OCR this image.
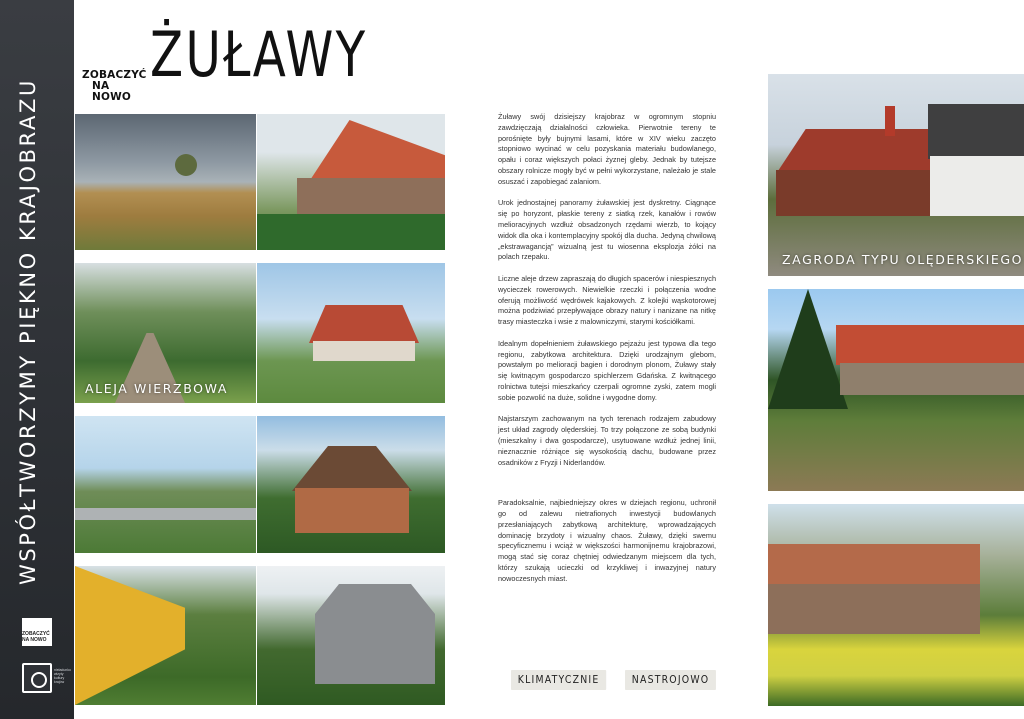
WSPÓŁTWORZYMY PIĘKNO KRAJOBRAZU
ZOBACZYĆ NA NOWO
nieładunko wizyty kultury krajów
ZOBACZYĆ
NA NOWO
ŻUŁAWY
ALEJA WIERZBOWA

Żuławy swój dzisiejszy krajobraz w ogromnym stopniu zawdzięczają działalności człowieka. Pierwotnie tereny te porośnięte były bujnymi lasami, które w XIV wieku zaczęto stopniowo wycinać w celu pozyskania materiału budowlanego, opału i coraz większych połaci żyznej gleby. Jednak by tutejsze obszary rolnicze mogły być w pełni wykorzystane, należało je stale osuszać i zapobiegać zalaniom.

Urok jednostajnej panoramy żuławskiej jest dyskretny. Ciągnące się po horyzont, płaskie tereny z siatką rzek, kanałów i rowów melioracyjnych wzdłuż obsadzonych rzędami wierzb, to kojący widok dla oka i kontemplacyjny spokój dla ducha. Jedyną chwilową „ekstrawagancją” wizualną jest tu wiosenna eksplozja żółci na polach rzepaku.

Liczne aleje drzew zapraszają do długich spacerów i niespiesznych wycieczek rowerowych. Niewielkie rzeczki i połączenia wodne oferują możliwość wędrówek kajakowych. Z kolejki wąskotorowej można podziwiać przepływające obrazy natury i nanizane na nitkę trasy miasteczka i wsie z malowniczymi, starymi kościółkami.

Idealnym dopełnieniem żuławskiego pejzażu jest typowa dla tego regionu, zabytkowa architektura. Dzięki urodzajnym glebom, powstałym po melioracji bagien i dorodnym plonom, Żuławy stały się kwitnącym gospodarczo spichlerzem Gdańska. Z kwitnącego rolnictwa tutejsi mieszkańcy czerpali ogromne zyski, zatem mogli sobie pozwolić na duże, solidne i wygodne domy.

Najstarszym zachowanym na tych terenach rodzajem zabudowy jest układ zagrody olęderskiej. To trzy połączone ze sobą budynki (mieszkalny i dwa gospodarcze), usytuowane wzdłuż jednej linii, nieznacznie różniące się wysokością dachu, budowane przez osadników z Fryzji i Niderlandów.

Paradoksalnie, najbiedniejszy okres w dziejach regionu, uchronił go od zalewu nietrafionych inwestycji budowlanych przesłaniających zabytkową architekturę, wprowadzających dominację brzydoty i wizualny chaos. Żuławy, dzięki swemu specyficznemu i wciąż w większości harmonijnemu krajobrazowi, mogą stać się coraz chętniej odwiedzanym miejscem dla tych, którzy szukają ucieczki od krzykliwej i inwazyjnej natury nowoczesnych miast.

KLIMATYCZNIE	NASTROJOWO
ZAGRODA TYPU OLĘDERSKIEGO
